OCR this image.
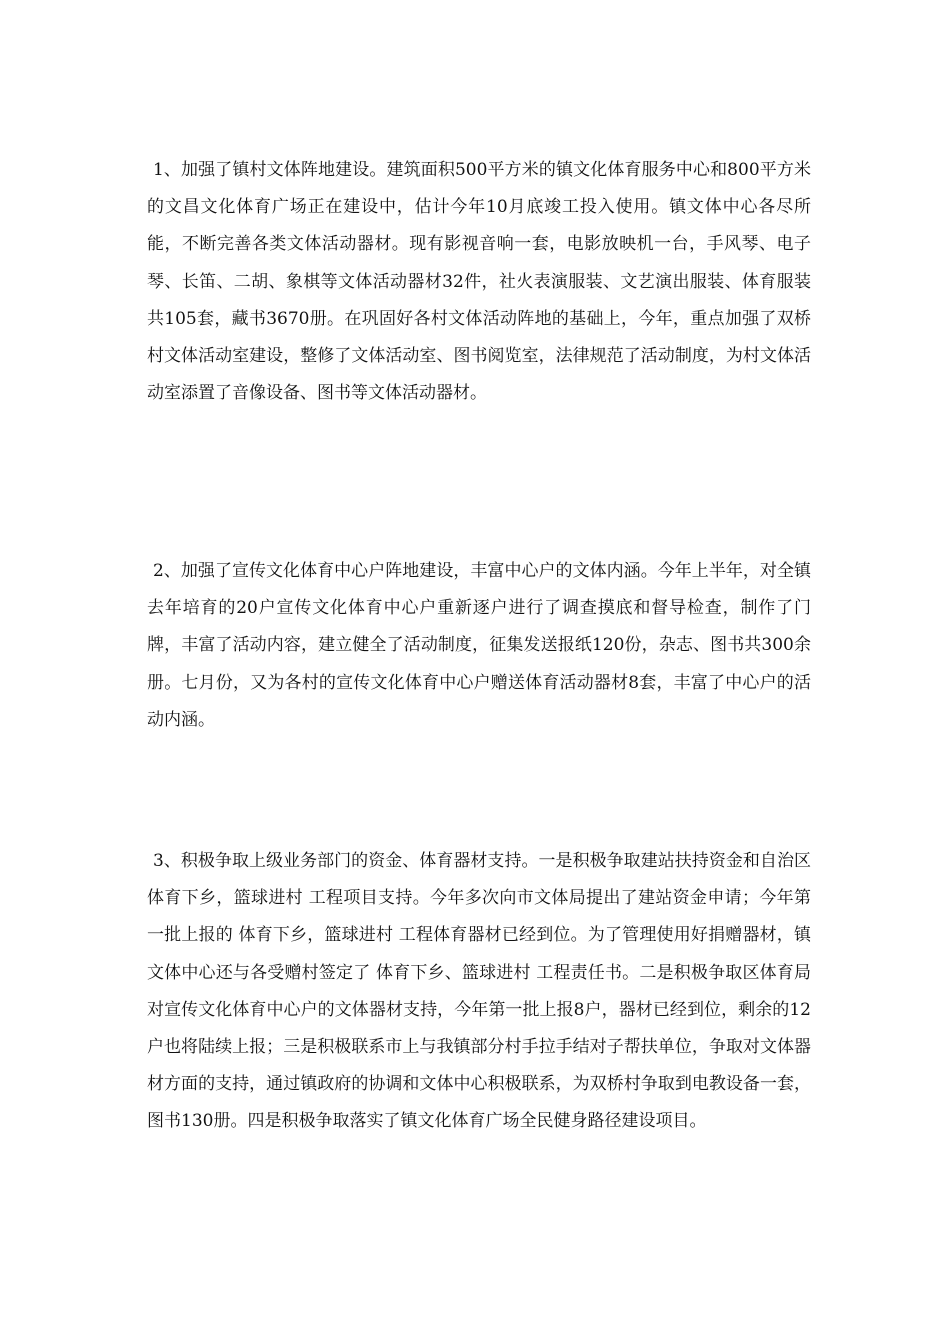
1、加强了镇村文体阵地建设。建筑面积500平方米的镇文化体育服务中心和800平方米的文昌文化体育广场正在建设中，估计今年10月底竣工投入使用。镇文体中心各尽所能，不断完善各类文体活动器材。现有影视音响一套，电影放映机一台，手风琴、电子琴、长笛、二胡、象棋等文体活动器材32件，社火表演服装、文艺演出服装、体育服装共105套，藏书3670册。在巩固好各村文体活动阵地的基础上，今年，重点加强了双桥村文体活动室建设，整修了文体活动室、图书阅览室，法律规范了活动制度，为村文体活动室添置了音像设备、图书等文体活动器材。

2、加强了宣传文化体育中心户阵地建设，丰富中心户的文体内涵。今年上半年，对全镇去年培育的20户宣传文化体育中心户重新逐户进行了调查摸底和督导检查，制作了门牌，丰富了活动内容，建立健全了活动制度，征集发送报纸120份，杂志、图书共300余册。七月份，又为各村的宣传文化体育中心户赠送体育活动器材8套，丰富了中心户的活动内涵。

3、积极争取上级业务部门的资金、体育器材支持。一是积极争取建站扶持资金和自治区 体育下乡，篮球进村 工程项目支持。今年多次向市文体局提出了建站资金申请；今年第一批上报的 体育下乡，篮球进村 工程体育器材已经到位。为了管理使用好捐赠器材，镇文体中心还与各受赠村签定了 体育下乡、篮球进村 工程责任书。二是积极争取区体育局对宣传文化体育中心户的文体器材支持，今年第一批上报8户，器材已经到位，剩余的12户也将陆续上报；三是积极联系市上与我镇部分村手拉手结对子帮扶单位，争取对文体器材方面的支持，通过镇政府的协调和文体中心积极联系，为双桥村争取到电教设备一套，图书130册。四是积极争取落实了镇文化体育广场全民健身路径建设项目。
